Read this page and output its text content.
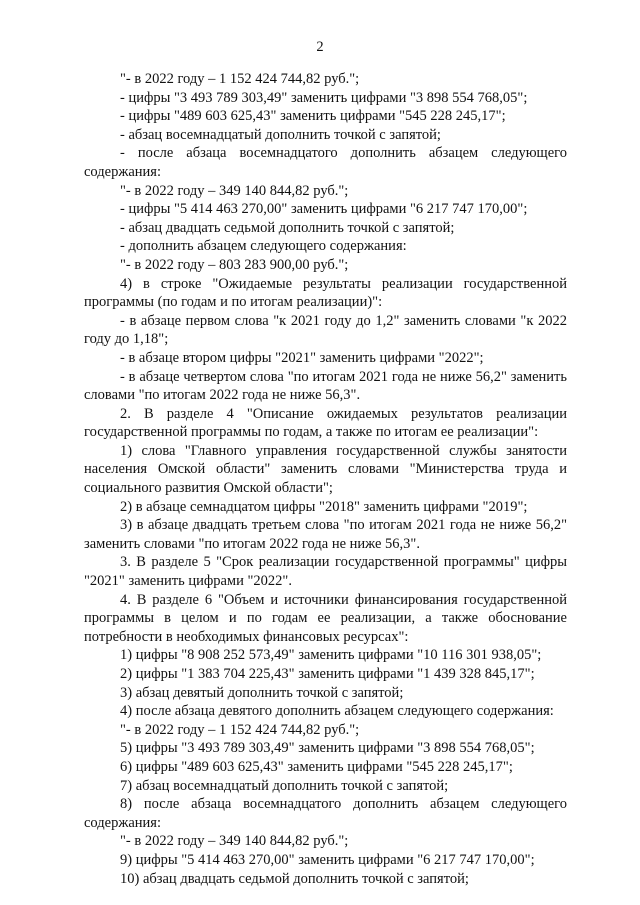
2

"- в 2022 году – 1 152 424 744,82 руб.";

- цифры "3 493 789 303,49" заменить цифрами "3 898 554 768,05";

- цифры "489 603 625,43" заменить цифрами "545 228 245,17";

- абзац восемнадцатый дополнить точкой с запятой;

- после абзаца восемнадцатого дополнить абзацем следующего содержания:

"- в 2022 году – 349 140 844,82 руб.";

- цифры "5 414 463 270,00" заменить цифрами "6 217 747 170,00";

- абзац двадцать седьмой дополнить точкой с запятой;

- дополнить абзацем следующего содержания:

"- в 2022 году – 803 283 900,00 руб.";

4) в строке "Ожидаемые результаты реализации государственной программы (по годам и по итогам реализации)":

- в абзаце первом слова "к 2021 году до 1,2" заменить словами "к 2022 году до 1,18";

- в абзаце втором цифры "2021" заменить цифрами "2022";

- в абзаце четвертом слова "по итогам 2021 года не ниже 56,2" заменить словами "по итогам 2022 года не ниже 56,3".

2. В разделе 4 "Описание ожидаемых результатов реализации государственной программы по годам, а также по итогам ее реализации":

1) слова "Главного управления государственной службы занятости населения Омской области" заменить словами "Министерства труда и социального развития Омской области";

2) в абзаце семнадцатом цифры "2018" заменить цифрами "2019";

3) в абзаце двадцать третьем слова "по итогам 2021 года не ниже 56,2" заменить словами "по итогам 2022 года не ниже 56,3".

3. В разделе 5 "Срок реализации государственной программы" цифры "2021" заменить цифрами "2022".

4. В разделе 6 "Объем и источники финансирования государственной программы в целом и по годам ее реализации, а также обоснование потребности в необходимых финансовых ресурсах":

1) цифры "8 908 252 573,49" заменить цифрами "10 116 301 938,05";

2) цифры "1 383 704 225,43" заменить цифрами "1 439 328 845,17";

3) абзац девятый дополнить точкой с запятой;

4) после абзаца девятого дополнить абзацем следующего содержания:

"- в 2022 году – 1 152 424 744,82 руб.";

5) цифры "3 493 789 303,49" заменить цифрами "3 898 554 768,05";

6) цифры "489 603 625,43" заменить цифрами "545 228 245,17";

7) абзац восемнадцатый дополнить точкой с запятой;

8) после абзаца восемнадцатого дополнить абзацем следующего содержания:

"- в 2022 году – 349 140 844,82 руб.";

9) цифры "5 414 463 270,00" заменить цифрами "6 217 747 170,00";

10) абзац двадцать седьмой дополнить точкой с запятой;
